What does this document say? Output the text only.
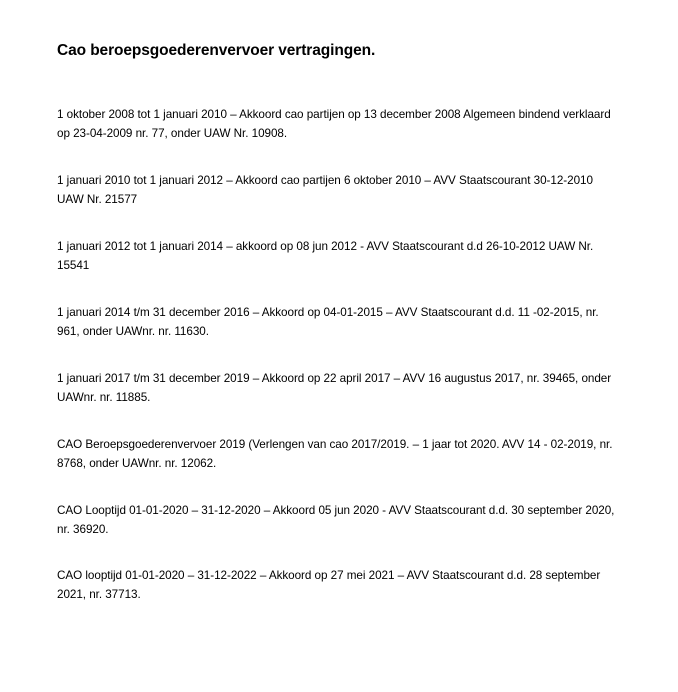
Cao beroepsgoederenvervoer vertragingen.

1 oktober 2008 tot 1 januari 2010 – Akkoord cao partijen op 13 december 2008 Algemeen bindend verklaard op 23-04-2009 nr. 77, onder UAW Nr. 10908.

1 januari 2010 tot 1 januari 2012 – Akkoord cao partijen 6 oktober 2010 – AVV Staatscourant 30-12-2010 UAW Nr. 21577

1 januari 2012 tot 1 januari 2014 – akkoord op 08 jun 2012 - AVV Staatscourant d.d 26-10-2012 UAW Nr. 15541

1 januari 2014 t/m 31 december 2016 – Akkoord op 04-01-2015 – AVV Staatscourant d.d. 11 -02-2015, nr. 961, onder UAWnr. nr. 11630.

1 januari 2017 t/m 31 december 2019 – Akkoord op 22 april 2017 – AVV 16 augustus 2017, nr. 39465, onder UAWnr. nr. 11885.

CAO Beroepsgoederenvervoer 2019 (Verlengen van cao 2017/2019. – 1 jaar tot 2020. AVV 14 - 02-2019, nr. 8768, onder UAWnr. nr. 12062.

CAO Looptijd 01-01-2020 – 31-12-2020 – Akkoord 05 jun 2020 - AVV Staatscourant d.d. 30 september 2020, nr. 36920.

CAO looptijd 01-01-2020 – 31-12-2022 – Akkoord op 27 mei 2021 – AVV Staatscourant d.d. 28 september 2021, nr. 37713.
